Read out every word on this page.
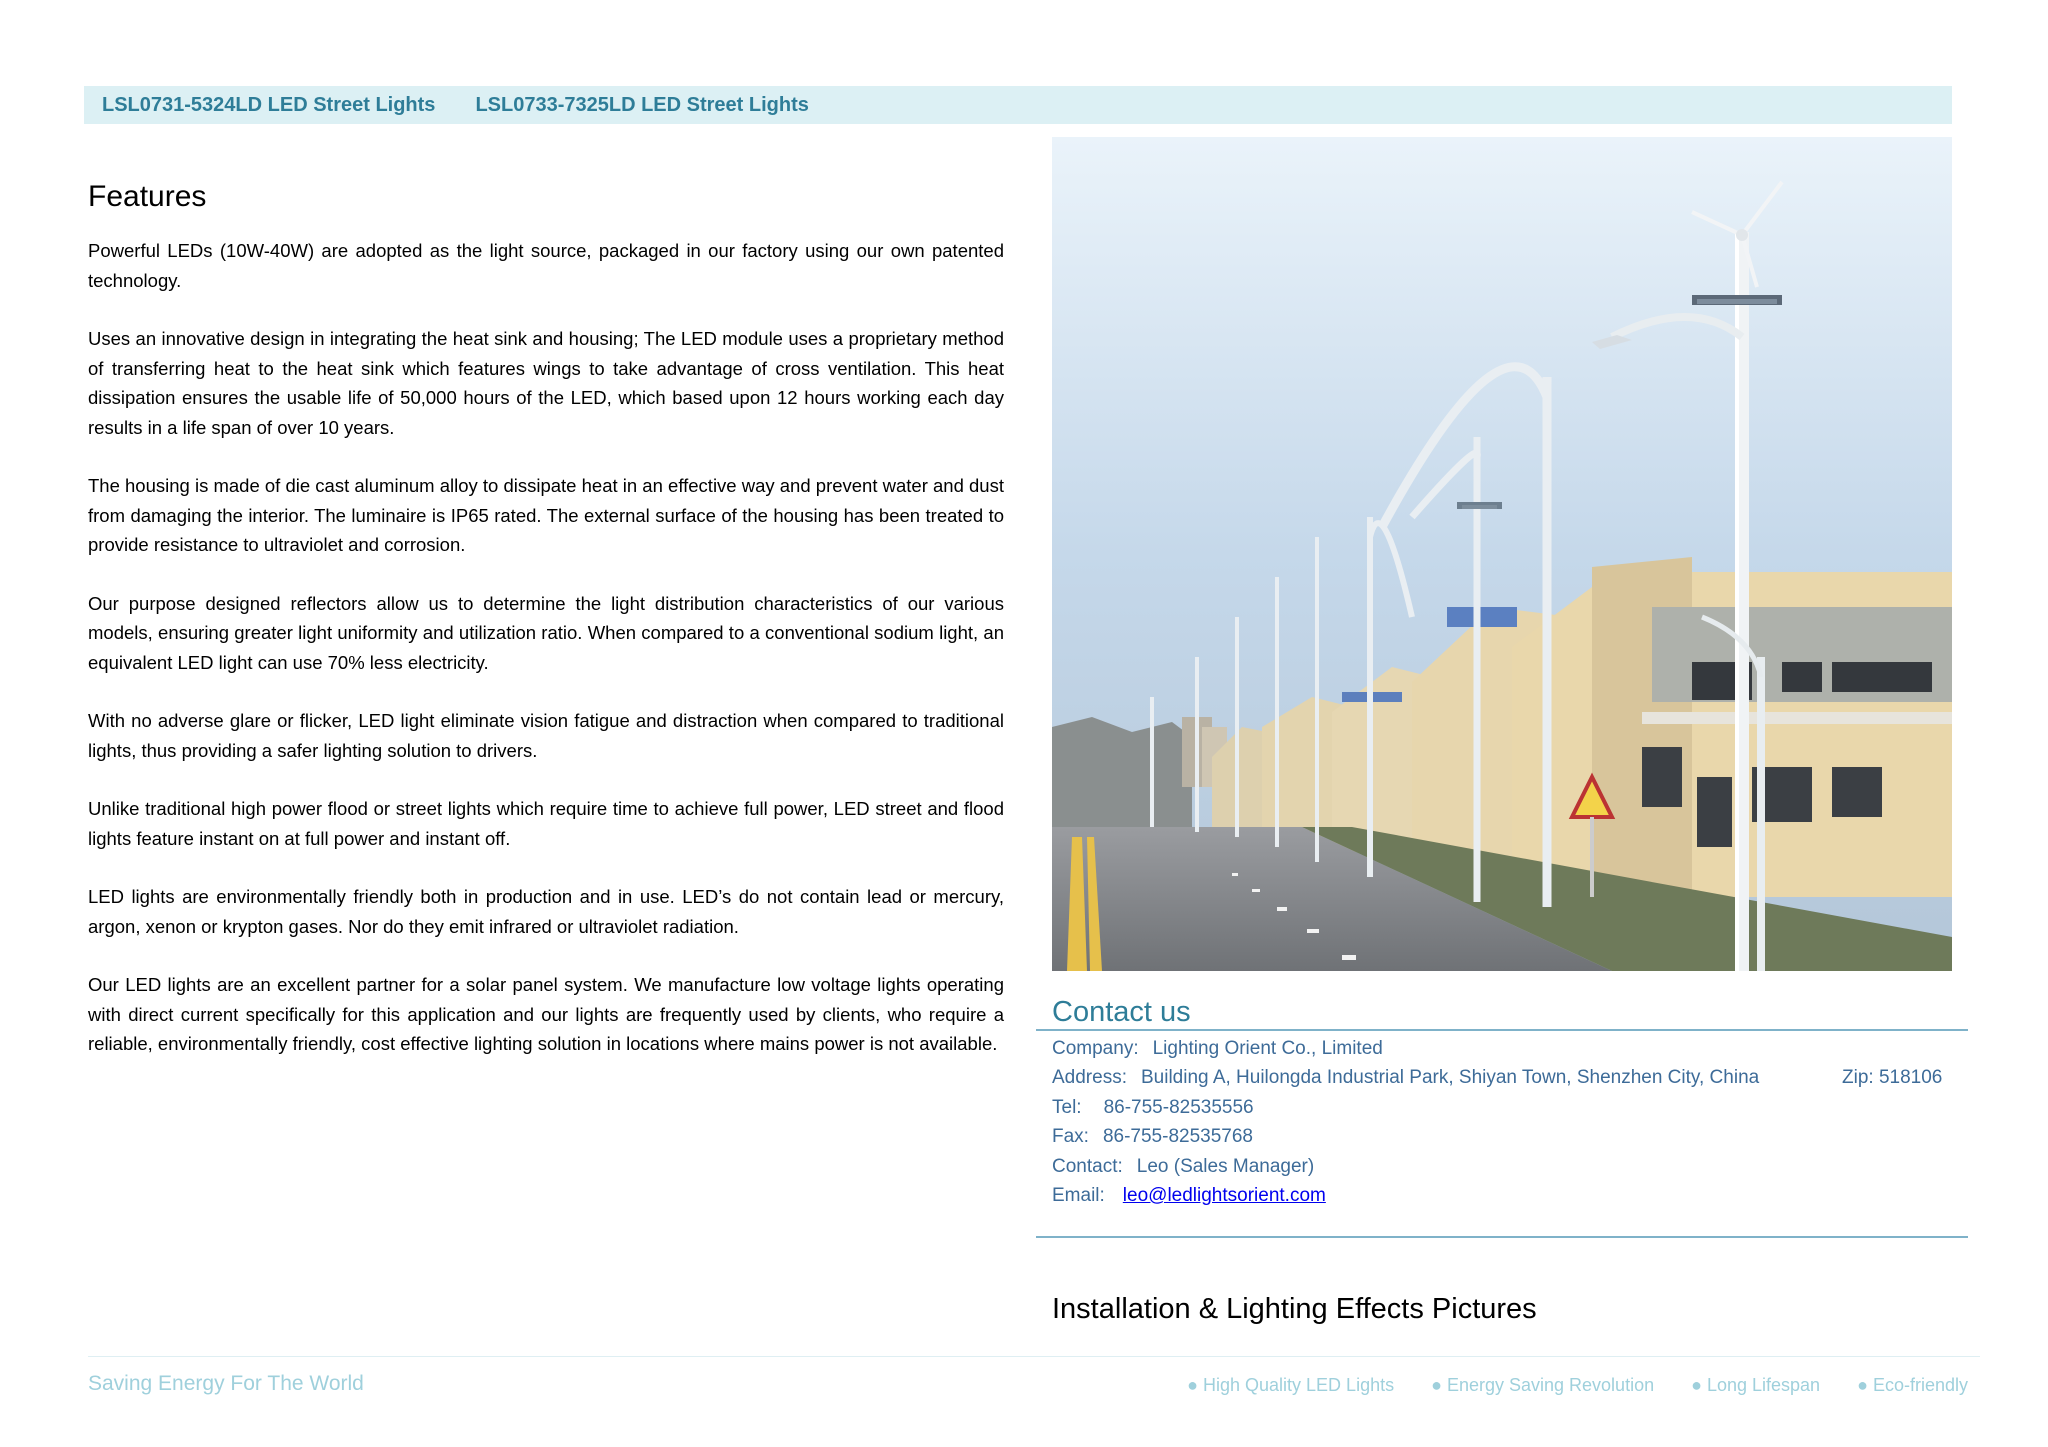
LSL0731-5324LD LED Street Lights LSL0733-7325LD LED Street Lights
Features

Powerful LEDs (10W-40W) are adopted as the light source, packaged in our factory using our own patented technology.

Uses an innovative design in integrating the heat sink and housing; The LED module uses a proprietary method of transferring heat to the heat sink which features wings to take advantage of cross ventilation. This heat dissipation ensures the usable life of 50,000 hours of the LED, which based upon 12 hours working each day results in a life span of over 10 years.

The housing is made of die cast aluminum alloy to dissipate heat in an effective way and prevent water and dust from damaging the interior. The luminaire is IP65 rated. The external surface of the housing has been treated to provide resistance to ultraviolet and corrosion.

Our purpose designed reflectors allow us to determine the light distribution characteristics of our various models, ensuring greater light uniformity and utilization ratio. When compared to a conventional sodium light, an equivalent LED light can use 70% less electricity.

With no adverse glare or flicker, LED light eliminate vision fatigue and distraction when compared to traditional lights, thus providing a safer lighting solution to drivers.

Unlike traditional high power flood or street lights which require time to achieve full power, LED street and flood lights feature instant on at full power and instant off.

LED lights are environmentally friendly both in production and in use. LED’s do not contain lead or mercury, argon, xenon or krypton gases. Nor do they emit infrared or ultraviolet radiation.

Our LED lights are an excellent partner for a solar panel system. We manufacture low voltage lights operating with direct current specifically for this application and our lights are frequently used by clients, who require a reliable, environmentally friendly, cost effective lighting solution in locations where mains power is not available.

Contact us
Company: Lighting Orient Co., Limited
Address: Building A, Huilongda Industrial Park, Shiyan Town, Shenzhen City, China	Zip: 518106
Tel: 86-755-82535556
Fax: 86-755-82535768
Contact: Leo (Sales Manager)
Email: leo@ledlightsorient.com
Installation & Lighting Effects Pictures
Saving Energy For The World	● High Quality LED Lights ● Energy Saving Revolution ● Long Lifespan ● Eco-friendly
